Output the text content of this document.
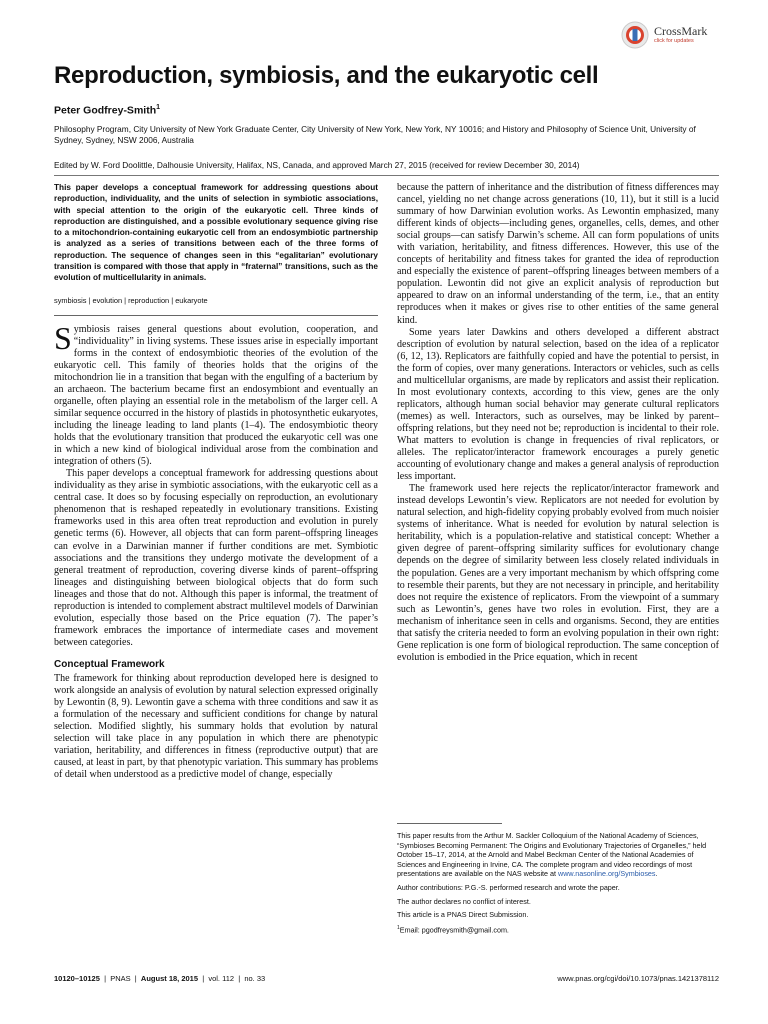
CrossMark
click for updates
Reproduction, symbiosis, and the eukaryotic cell
Peter Godfrey-Smith$^1$
Philosophy Program, City University of New York Graduate Center, City University of New York, New York, NY 10016; and History and Philosophy of Science Unit, University of Sydney, Sydney, NSW 2006, Australia
Edited by W. Ford Doolittle, Dalhousie University, Halifax, NS, Canada, and approved March 27, 2015 (received for review December 30, 2014)

This paper develops a conceptual framework for addressing questions about reproduction, individuality, and the units of selection in symbiotic associations, with special attention to the origin of the eukaryotic cell. Three kinds of reproduction are distinguished, and a possible evolutionary sequence giving rise to a mitochondrion-containing eukaryotic cell from an endosymbiotic partnership is analyzed as a series of transitions between each of the three forms of reproduction. The sequence of changes seen in this “egalitarian” evolutionary transition is compared with those that apply in “fraternal” transitions, such as the evolution of multicellularity in animals.

symbiosis | evolution | reproduction | eukaryote

Symbiosis raises general questions about evolution, cooperation, and “individuality” in living systems. These issues arise in especially important forms in the context of endosymbiotic theories of the evolution of the eukaryotic cell. This family of theories holds that the origins of the mitochondrion lie in a transition that began with the engulfing of a bacterium by an archaeon. The bacterium became first an endosymbiont and eventually an organelle, often playing an essential role in the metabolism of the larger cell. A similar sequence occurred in the history of plastids in photosynthetic eukaryotes, including the lineage leading to land plants (1–4). The endosymbiotic theory holds that the evolutionary transition that produced the eukaryotic cell was one in which a new kind of biological individual arose from the combination and integration of others (5).

This paper develops a conceptual framework for addressing questions about individuality as they arise in symbiotic associations, with the eukaryotic cell as a central case. It does so by focusing especially on reproduction, an evolutionary phenomenon that is reshaped repeatedly in evolutionary transitions. Existing frameworks used in this area often treat reproduction and evolution in purely genetic terms (6). However, all objects that can form parent–offspring lineages can evolve in a Darwinian manner if further conditions are met. Symbiotic associations and the transitions they undergo motivate the development of a general treatment of reproduction, covering diverse kinds of parent–offspring lineages and distinguishing between biological objects that do form such lineages and those that do not. Although this paper is informal, the treatment of reproduction is intended to complement abstract multilevel models of Darwinian evolution, especially those based on the Price equation (7). The paper’s framework embraces the importance of intermediate cases and movement between categories.

Conceptual Framework

The framework for thinking about reproduction developed here is designed to work alongside an analysis of evolution by natural selection expressed originally by Lewontin (8, 9). Lewontin gave a schema with three conditions and saw it as a formulation of the necessary and sufficient conditions for change by natural selection. Modified slightly, his summary holds that evolution by natural selection will take place in any population in which there are phenotypic variation, heritability, and differences in fitness (reproductive output) that are caused, at least in part, by that phenotypic variation. This summary has problems of detail when understood as a predictive model of change, especially

because the pattern of inheritance and the distribution of fitness differences may cancel, yielding no net change across generations (10, 11), but it still is a lucid summary of how Darwinian evolution works. As Lewontin emphasized, many different kinds of objects—including genes, organelles, cells, demes, and other social groups—can satisfy Darwin’s scheme. All can form populations of units with variation, heritability, and fitness differences. However, this use of the concepts of heritability and fitness takes for granted the idea of reproduction and especially the existence of parent–offspring lineages between members of a population. Lewontin did not give an explicit analysis of reproduction but appeared to draw on an informal understanding of the term, i.e., that an entity reproduces when it makes or gives rise to other entities of the same general kind.

Some years later Dawkins and others developed a different abstract description of evolution by natural selection, based on the idea of a replicator (6, 12, 13). Replicators are faithfully copied and have the potential to persist, in the form of copies, over many generations. Interactors or vehicles, such as cells and multicellular organisms, are made by replicators and assist their replication. In most evolutionary contexts, according to this view, genes are the only replicators, although human social behavior may generate cultural replicators (memes) as well. Interactors, such as ourselves, may be linked by parent–offspring relations, but they need not be; reproduction is incidental to their role. What matters to evolution is change in frequencies of rival replicators, or alleles. The replicator/interactor framework encourages a purely genetic accounting of evolutionary change and makes a general analysis of reproduction less important.

The framework used here rejects the replicator/interactor framework and instead develops Lewontin’s view. Replicators are not needed for evolution by natural selection, and high-fidelity copying probably evolved from much noisier systems of inheritance. What is needed for evolution by natural selection is heritability, which is a population-relative and statistical concept: Whether a given degree of parent–offspring similarity suffices for evolutionary change depends on the degree of similarity between less closely related individuals in the population. Genes are a very important mechanism by which offspring come to resemble their parents, but they are not necessary in principle, and heritability does not require the existence of replicators. From the viewpoint of a summary such as Lewontin’s, genes have two roles in evolution. First, they are a mechanism of inheritance seen in cells and organisms. Second, they are entities that satisfy the criteria needed to form an evolving population in their own right: Gene replication is one form of biological reproduction. The same conception of evolution is embodied in the Price equation, which in recent

This paper results from the Arthur M. Sackler Colloquium of the National Academy of Sciences, “Symbioses Becoming Permanent: The Origins and Evolutionary Trajectories of Organelles,” held October 15–17, 2014, at the Arnold and Mabel Beckman Center of the National Academies of Sciences and Engineering in Irvine, CA. The complete program and video recordings of most presentations are available on the NAS website at www.nasonline.org/Symbioses.

Author contributions: P.G.-S. performed research and wrote the paper.

The author declares no conflict of interest.

This article is a PNAS Direct Submission.

$^1$Email: pgodfreysmith@gmail.com.

10120–10125 | PNAS | August 18, 2015 | vol. 112 | no. 33	www.pnas.org/cgi/doi/10.1073/pnas.1421378112
